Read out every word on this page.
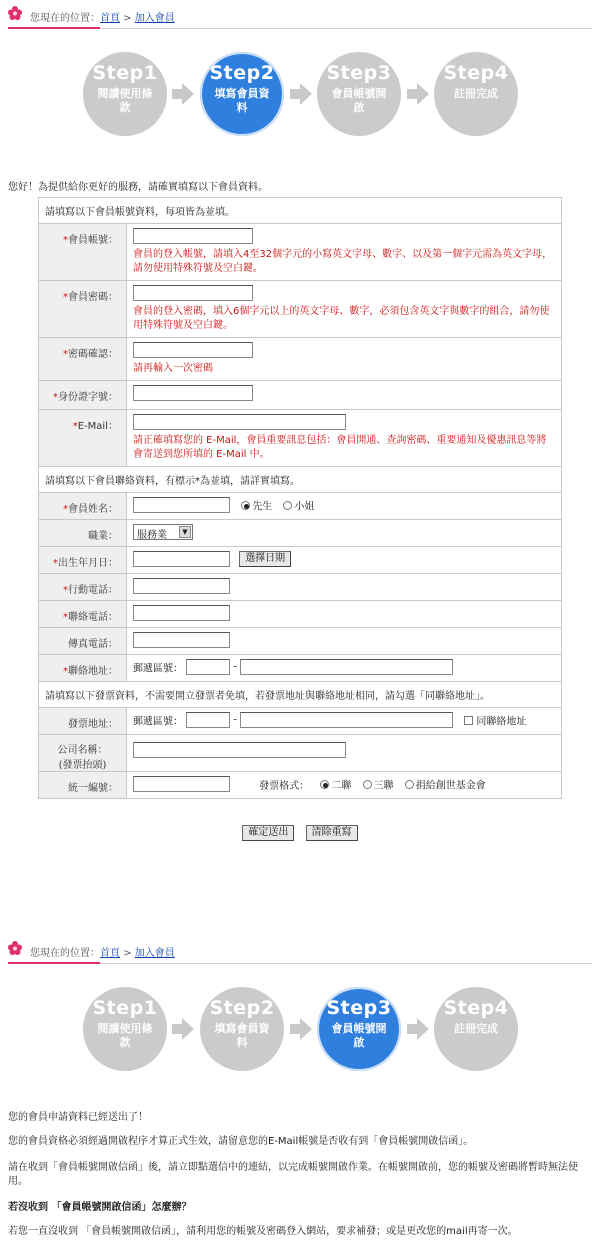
您現在的位置：首頁 > 加入會員
Step1
閱讀使用條款
Step2
填寫會員資料
Step3
會員帳號開啟
Step4
註冊完成
您好！為提供給你更好的服務，請確實填寫以下會員資料。
請填寫以下會員帳號資料，每項皆為並填。	
*會員帳號：	會員的登入帳號，請填入4至32個字元的小寫英文字母、數字、以及第一個字元需為英文字母，請勿使用特殊符號及空白鍵。

*會員密碼：	會員的登入密碼，填入6個字元以上的英文字母、數字，必須包含英文字與數字的組合，請勿使用特殊符號及空白鍵。

*密碼確認：	請再輸入一次密碼

*身份證字號：	
*E-Mail：	請正確填寫您的 E-Mail，會員重要訊息包括：會員開通、查詢密碼、重要通知及優惠訊息等將會寄送到您所填的 E-Mail 中。

請填寫以下會員聯絡資料，有標示*為並填，請詳實填寫。	
*會員姓名：	先生 小姐
職業：	服務業 ▼

*出生年月日：	選擇日期
*行動電話：	
*聯絡電話：	
傳真電話：	
*聯絡地址：	郵遞區號： -
請填寫以下發票資料，不需要開立發票者免填，若發票地址與聯絡地址相同，請勾選「同聯絡地址」。	
發票地址：	郵遞區號： - 同聯絡地址
公司名稱：
(發票抬頭)	
統一編號：	發票格式： 二聯 三聯 捐給創世基金會
確定送出 清除重寫
您現在的位置：首頁 > 加入會員
Step1
閱讀使用條款
Step2
填寫會員資料
Step3
會員帳號開啟
Step4
註冊完成
您的會員申請資料已經送出了！
您的會員資格必須經過開啟程序才算正式生效，請留意您的E-Mail帳號是否收有到「會員帳號開啟信函」。
請在收到「會員帳號開啟信函」後，請立即點選信中的連結，以完成帳號開啟作業。在帳號開啟前，您的帳號及密碼將暫時無法使用。
若沒收到 「會員帳號開啟信函」怎麼辦？
若您一直沒收到 「會員帳號開啟信函」，請利用您的帳號及密碼登入網站，要求補發；或是更改您的mail再寄一次。
